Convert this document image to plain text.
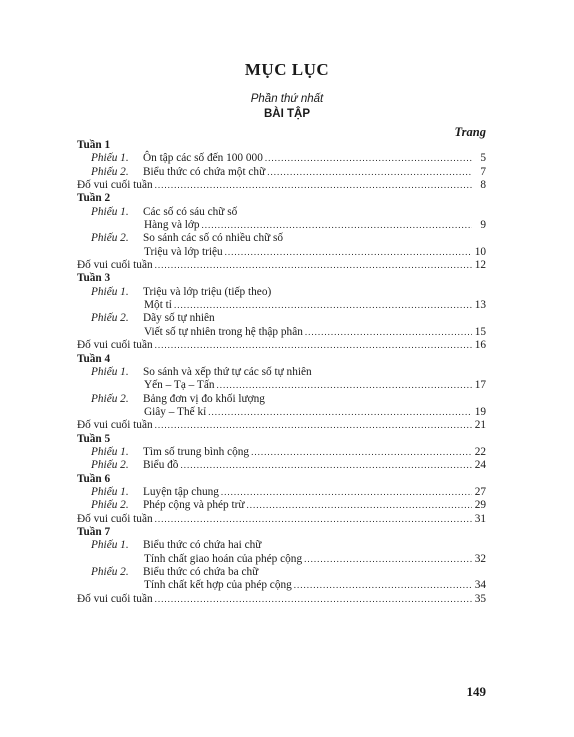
MỤC LỤC
Phần thứ nhất
BÀI TẬP
Trang
Tuần 1
Phiếu 1.	Ôn tập các số đến 100 000 .....	5
Phiếu 2.	Biểu thức có chứa một chữ .....	7
Đố vui cuối tuần .....	8
Tuần 2
Phiếu 1.	Các số có sáu chữ số
Hàng và lớp .....	9
Phiếu 2.	So sánh các số có nhiều chữ số
Triệu và lớp triệu .....	10
Đố vui cuối tuần .....	12
Tuần 3
Phiếu 1.	Triệu và lớp triệu (tiếp theo)
Một tỉ .....	13
Phiếu 2.	Dãy số tự nhiên
Viết số tự nhiên trong hệ thập phân .....	15
Đố vui cuối tuần .....	16
Tuần 4
Phiếu 1.	So sánh và xếp thứ tự các số tự nhiên
Yến – Tạ – Tấn .....	17
Phiếu 2.	Bảng đơn vị đo khối lượng
Giây – Thế kỉ .....	19
Đố vui cuối tuần .....	21
Tuần 5
Phiếu 1.	Tìm số trung bình cộng .....	22
Phiếu 2.	Biểu đồ .....	24
Tuần 6
Phiếu 1.	Luyện tập chung .....	27
Phiếu 2.	Phép cộng và phép trừ .....	29
Đố vui cuối tuần .....	31
Tuần 7
Phiếu 1.	Biểu thức có chứa hai chữ
Tính chất giao hoán của phép cộng .....	32
Phiếu 2.	Biểu thức có chứa ba chữ
Tính chất kết hợp của phép cộng .....	34
Đố vui cuối tuần .....	35
149
